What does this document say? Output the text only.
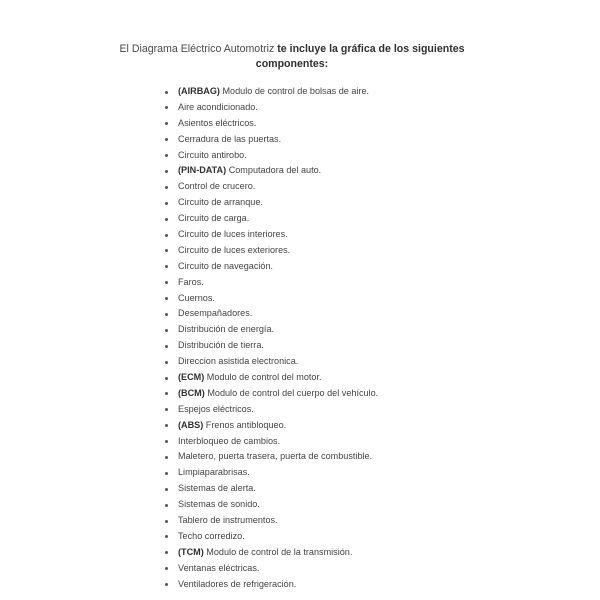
El Diagrama Eléctrico Automotriz te incluye la gráfica de los siguientes
componentes:
(AIRBAG) Modulo de control de bolsas de aire.
Aire acondicionado.
Asientos eléctricos.
Cerradura de las puertas.
Circuito antirobo.
(PIN-DATA) Computadora del auto.
Control de crucero.
Circuito de arranque.
Circuito de carga.
Circuito de luces interiores.
Circuito de luces exteriores.
Circuito de navegación.
Faros.
Cuernos.
Desempañadores.
Distribución de energía.
Distribución de tierra.
Direccion asistida electronica.
(ECM) Modulo de control del motor.
(BCM) Modulo de control del cuerpo del vehículo.
Espejos eléctricos.
(ABS) Frenos antibloqueo.
Interbloqueo de cambios.
Maletero, puerta trasera, puerta de combustible.
Limpiaparabrisas.
Sistemas de alerta.
Sistemas de sonido.
Tablero de instrumentos.
Techo corredizo.
(TCM) Modulo de control de la transmisión.
Ventanas eléctricas.
Ventiladores de refrigeración.
